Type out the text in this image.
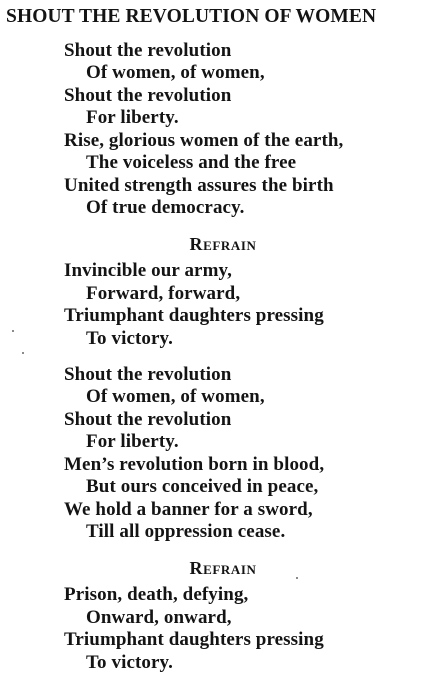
SHOUT THE REVOLUTION OF WOMEN
Shout the revolution
Of women, of women,
Shout the revolution
For liberty.
Rise, glorious women of the earth,
The voiceless and the free
United strength assures the birth
Of true democracy.
Refrain
Invincible our army,
Forward, forward,
Triumphant daughters pressing
To victory.
Shout the revolution
Of women, of women,
Shout the revolution
For liberty.
Men’s revolution born in blood,
But ours conceived in peace,
We hold a banner for a sword,
Till all oppression cease.
Refrain
Prison, death, defying,
Onward, onward,
Triumphant daughters pressing
To victory.
